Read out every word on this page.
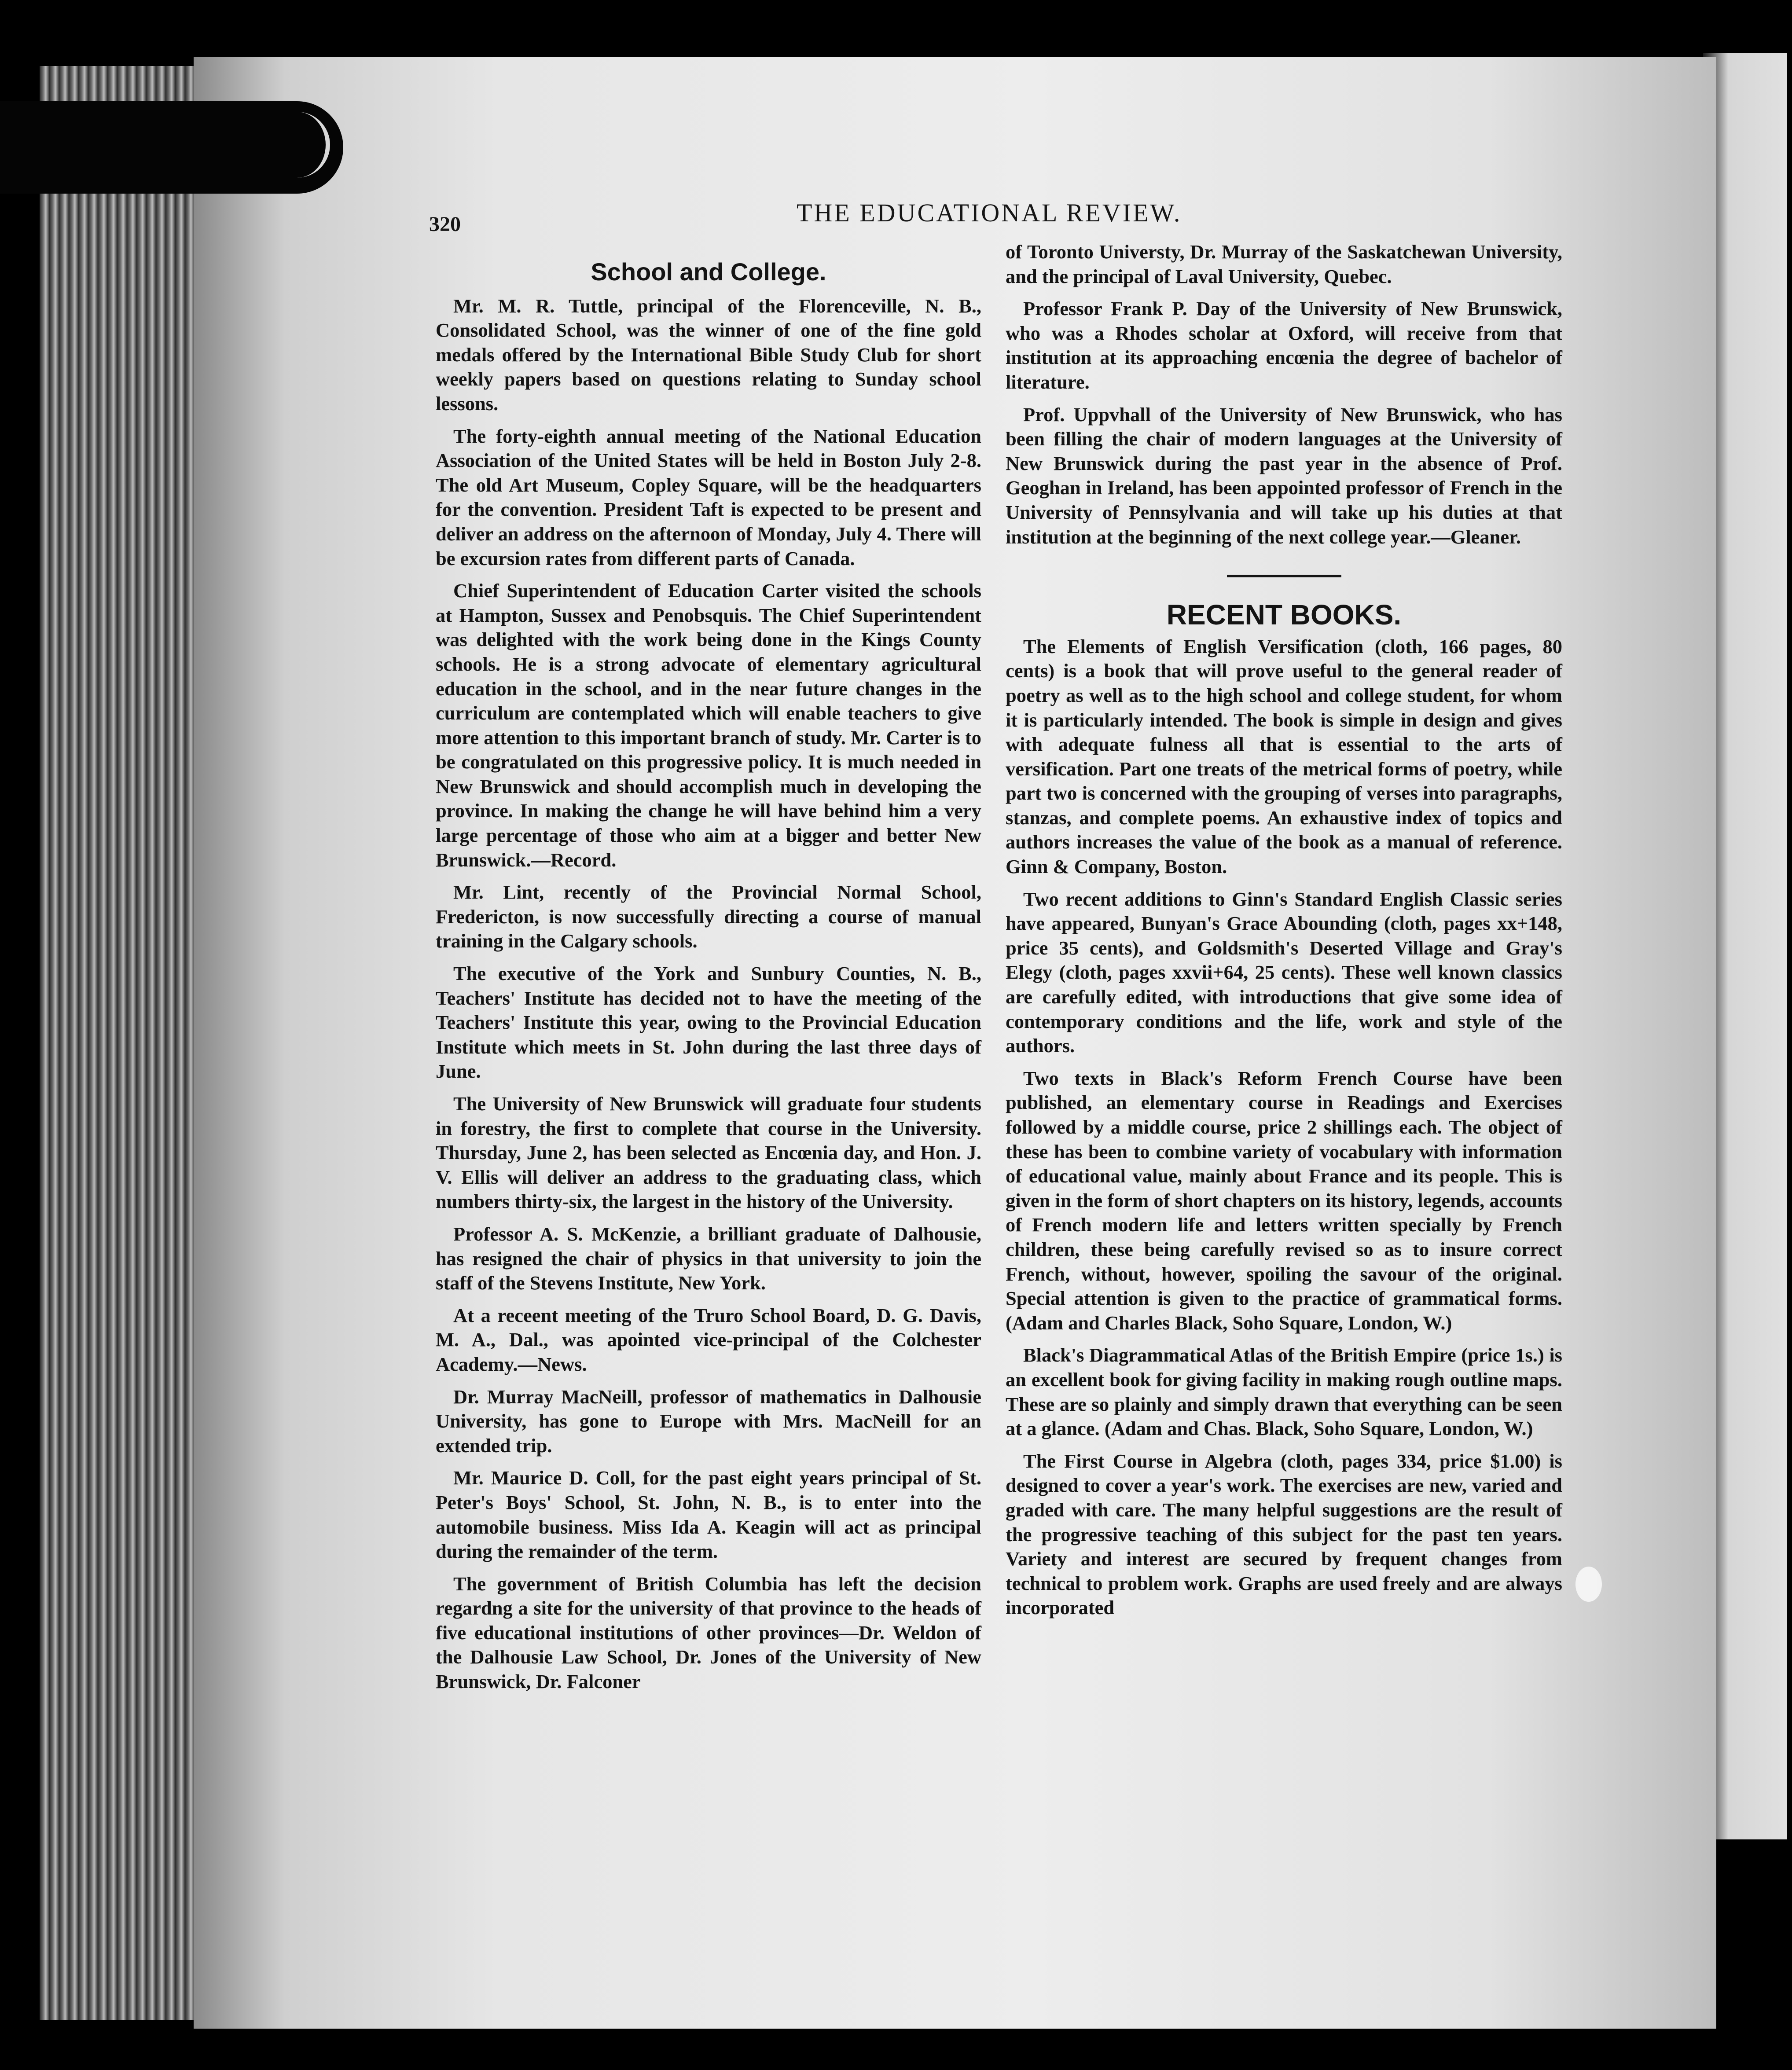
320	THE EDUCATIONAL REVIEW.
School and College.

Mr. M. R. Tuttle, principal of the Florenceville, N. B., Consolidated School, was the winner of one of the fine gold medals offered by the International Bible Study Club for short weekly papers based on questions relating to Sunday school lessons.

The forty-eighth annual meeting of the National Education Association of the United States will be held in Boston July 2-8. The old Art Museum, Copley Square, will be the headquarters for the convention. President Taft is expected to be present and deliver an address on the afternoon of Monday, July 4. There will be excursion rates from different parts of Canada.

Chief Superintendent of Education Carter visited the schools at Hampton, Sussex and Penobsquis. The Chief Superintendent was delighted with the work being done in the Kings County schools. He is a strong advocate of elementary agricultural education in the school, and in the near future changes in the curriculum are contemplated which will enable teachers to give more attention to this important branch of study. Mr. Carter is to be congratulated on this progressive policy. It is much needed in New Brunswick and should accomplish much in developing the province. In making the change he will have behind him a very large percentage of those who aim at a bigger and better New Brunswick.—Record.

Mr. Lint, recently of the Provincial Normal School, Fredericton, is now successfully directing a course of manual training in the Calgary schools.

The executive of the York and Sunbury Counties, N. B., Teachers' Institute has decided not to have the meeting of the Teachers' Institute this year, owing to the Provincial Education Institute which meets in St. John during the last three days of June.

The University of New Brunswick will graduate four students in forestry, the first to complete that course in the University. Thursday, June 2, has been selected as Encœnia day, and Hon. J. V. Ellis will deliver an address to the graduating class, which numbers thirty-six, the largest in the history of the University.

Professor A. S. McKenzie, a brilliant graduate of Dalhousie, has resigned the chair of physics in that university to join the staff of the Stevens Institute, New York.

At a receent meeting of the Truro School Board, D. G. Davis, M. A., Dal., was apointed vice-principal of the Colchester Academy.—News.

Dr. Murray MacNeill, professor of mathematics in Dalhousie University, has gone to Europe with Mrs. MacNeill for an extended trip.

Mr. Maurice D. Coll, for the past eight years principal of St. Peter's Boys' School, St. John, N. B., is to enter into the automobile business. Miss Ida A. Keagin will act as principal during the remainder of the term.

The government of British Columbia has left the decision regardng a site for the university of that province to the heads of five educational institutions of other provinces—Dr. Weldon of the Dalhousie Law School, Dr. Jones of the University of New Brunswick, Dr. Falconer

of Toronto Universty, Dr. Murray of the Saskatchewan University, and the principal of Laval University, Quebec.

Professor Frank P. Day of the University of New Brunswick, who was a Rhodes scholar at Oxford, will receive from that institution at its approaching encœnia the degree of bachelor of literature.

Prof. Uppvhall of the University of New Brunswick, who has been filling the chair of modern languages at the University of New Brunswick during the past year in the absence of Prof. Geoghan in Ireland, has been appointed professor of French in the University of Pennsylvania and will take up his duties at that institution at the beginning of the next college year.—Gleaner.

RECENT BOOKS.

The Elements of English Versification (cloth, 166 pages, 80 cents) is a book that will prove useful to the general reader of poetry as well as to the high school and college student, for whom it is particularly intended. The book is simple in design and gives with adequate fulness all that is essential to the arts of versification. Part one treats of the metrical forms of poetry, while part two is concerned with the grouping of verses into paragraphs, stanzas, and complete poems. An exhaustive index of topics and authors increases the value of the book as a manual of reference. Ginn & Company, Boston.

Two recent additions to Ginn's Standard English Classic series have appeared, Bunyan's Grace Abounding (cloth, pages xx+148, price 35 cents), and Goldsmith's Deserted Village and Gray's Elegy (cloth, pages xxvii+64, 25 cents). These well known classics are carefully edited, with introductions that give some idea of contemporary conditions and the life, work and style of the authors.

Two texts in Black's Reform French Course have been published, an elementary course in Readings and Exercises followed by a middle course, price 2 shillings each. The object of these has been to combine variety of vocabulary with information of educational value, mainly about France and its people. This is given in the form of short chapters on its history, legends, accounts of French modern life and letters written specially by French children, these being carefully revised so as to insure correct French, without, however, spoiling the savour of the original. Special attention is given to the practice of grammatical forms. (Adam and Charles Black, Soho Square, London, W.)

Black's Diagrammatical Atlas of the British Empire (price 1s.) is an excellent book for giving facility in making rough outline maps. These are so plainly and simply drawn that everything can be seen at a glance. (Adam and Chas. Black, Soho Square, London, W.)

The First Course in Algebra (cloth, pages 334, price $1.00) is designed to cover a year's work. The exercises are new, varied and graded with care. The many helpful suggestions are the result of the progressive teaching of this subject for the past ten years. Variety and interest are secured by frequent changes from technical to problem work. Graphs are used freely and are always incorporated
